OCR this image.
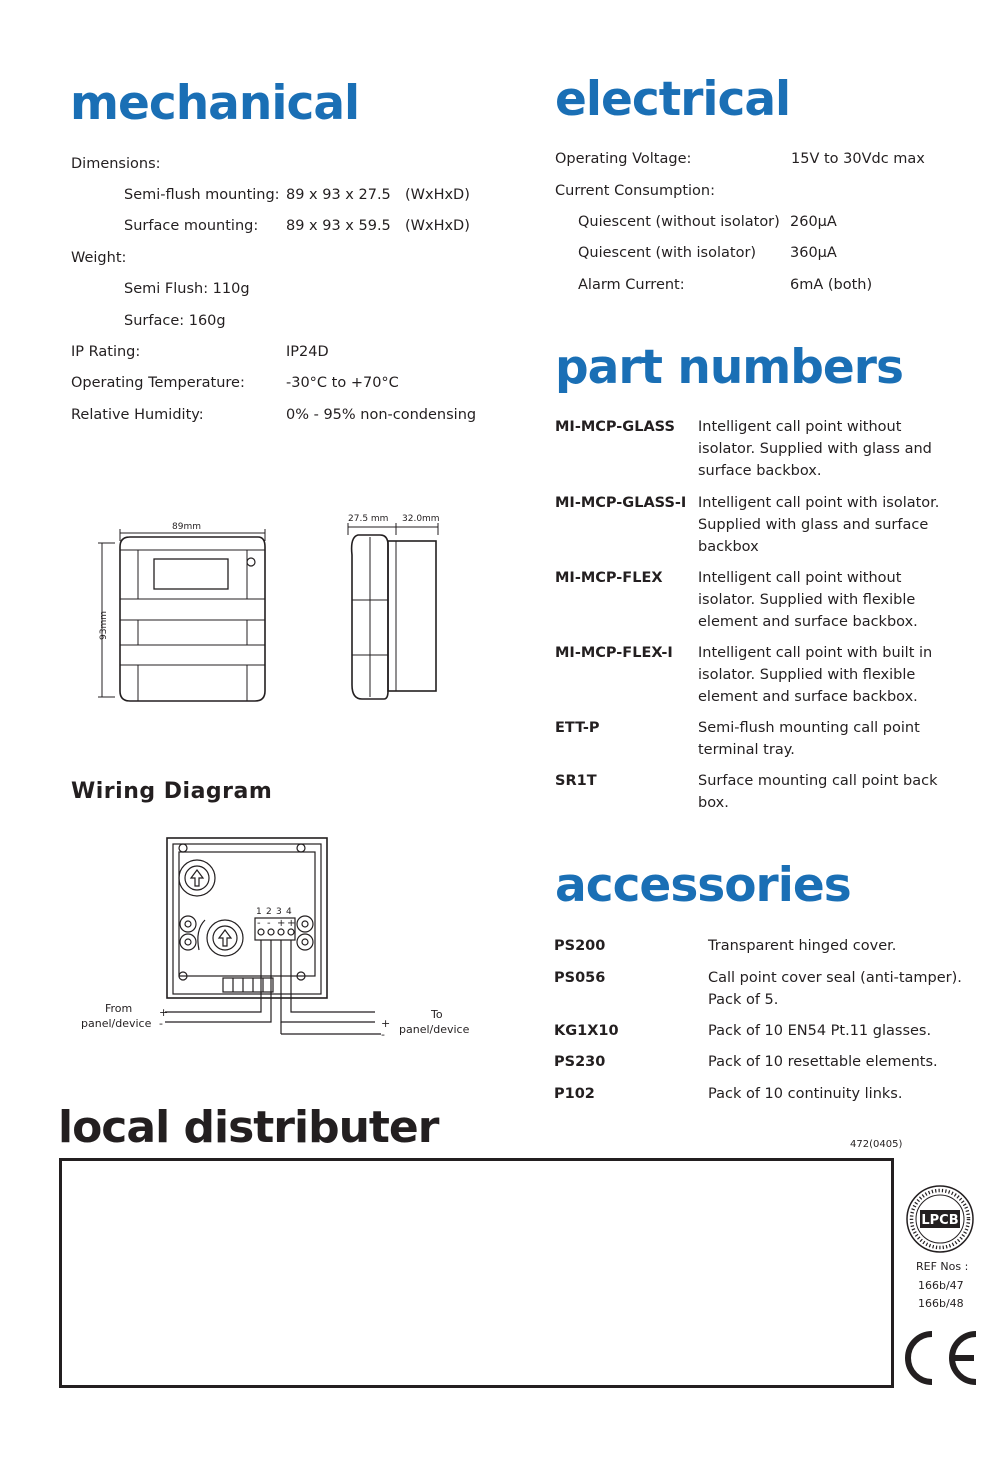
mechanical
Dimensions:
Semi-flush mounting: 89 x 93 x 27.5 (WxHxD)
Surface mounting: 89 x 93 x 59.5 (WxHxD)
Weight:
Semi Flush: 110g
Surface: 160g
IP Rating:	IP24D
Operating Temperature:	-30°C to +70°C
Relative Humidity:	0% - 95% non-condensing
89mm
93mm
27.5 mm 32.0mm
Wiring Diagram
1 2 3 4
- - + +
From
panel/device
+
-
To
panel/device
+
-
electrical
Operating Voltage:	15V to 30Vdc max
Current Consumption:
Quiescent (without isolator) 260μA
Quiescent (with isolator) 360μA
Alarm Current:	6mA (both)
part numbers
MI-MCP-GLASS Intelligent call point without isolator. Supplied with glass and surface backbox.
MI-MCP-GLASS-I Intelligent call point with isolator. Supplied with glass and surface backbox
MI-MCP-FLEX Intelligent call point without isolator. Supplied with flexible element and surface backbox.
MI-MCP-FLEX-I Intelligent call point with built in isolator. Supplied with flexible element and surface backbox.
ETT-P	Semi-flush mounting call point terminal tray.
SR1T	Surface mounting call point back box.
accessories
PS200	Transparent hinged cover.
PS056	Call point cover seal (anti-tamper). Pack of 5.
KG1X10	Pack of 10 EN54 Pt.11 glasses.
PS230	Pack of 10 resettable elements.
P102	Pack of 10 continuity links.
local distributer	472(0405)
LPCB
REF Nos :
166b/47
166b/48
